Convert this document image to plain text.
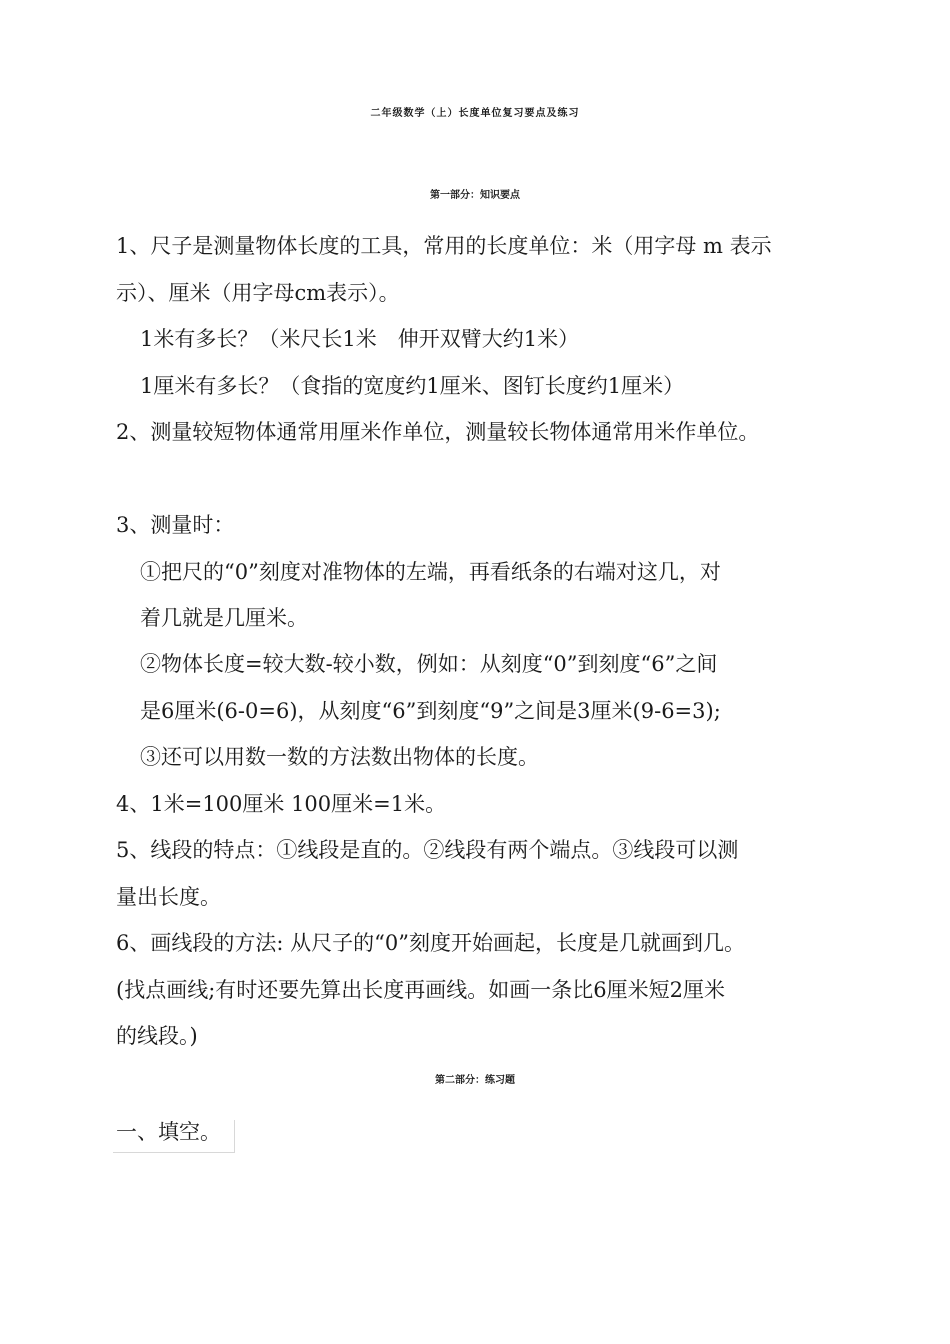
二年级数学（上）长度单位复习要点及练习
第一部分：知识要点
1、尺子是测量物体长度的工具，常用的长度单位：米（用字母 m 表示
示）、厘米（用字母cm表示）。
1米有多长？（米尺长1米　伸开双臂大约1米）
1厘米有多长？（食指的宽度约1厘米、图钉长度约1厘米）
2、测量较短物体通常用厘米作单位，测量较长物体通常用米作单位。
3、测量时：
①把尺的“0”刻度对准物体的左端，再看纸条的右端对这几，对
着几就是几厘米。
②物体长度=较大数-较小数，例如：从刻度“0”到刻度“6”之间
是6厘米(6-0=6)，从刻度“6”到刻度“9”之间是3厘米(9-6=3);
③还可以用数一数的方法数出物体的长度。
4、1米=100厘米 100厘米=1米。
5、线段的特点：①线段是直的。②线段有两个端点。③线段可以测
量出长度。
6、画线段的方法: 从尺子的“0”刻度开始画起，长度是几就画到几。
(找点画线;有时还要先算出长度再画线。如画一条比6厘米短2厘米
的线段。)
第二部分：练习题
一、填空。
